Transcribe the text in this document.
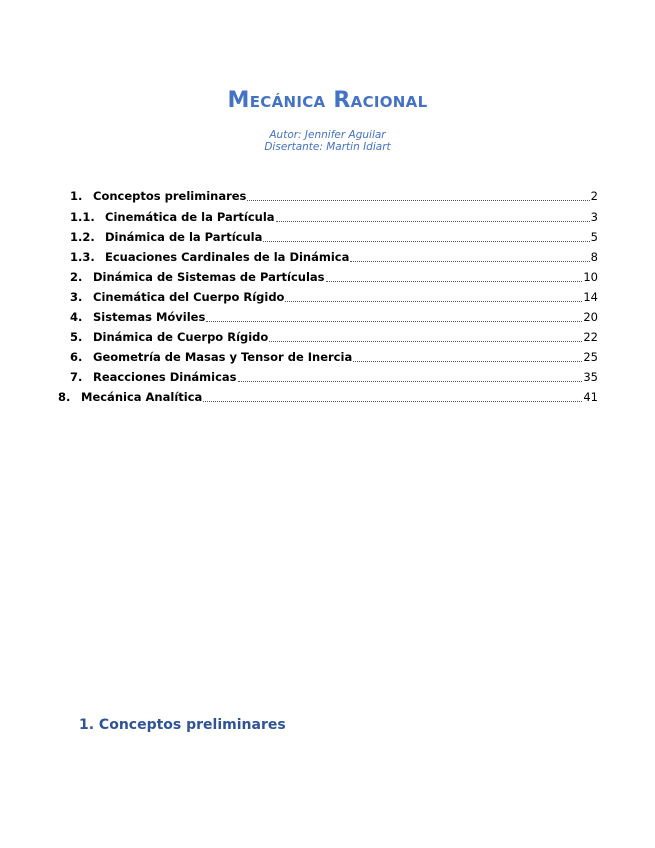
Mecánica Racional
Autor: Jennifer Aguilar
Disertante: Martin Idiart
1. Conceptos preliminares	2
1.1. Cinemática de la Partícula	3
1.2. Dinámica de la Partícula	5
1.3. Ecuaciones Cardinales de la Dinámica	8
2. Dinámica de Sistemas de Partículas	10
3. Cinemática del Cuerpo Rígido	14
4. Sistemas Móviles	20
5. Dinámica de Cuerpo Rígido	22
6. Geometría de Masas y Tensor de Inercia	25
7. Reacciones Dinámicas	35
8. Mecánica Analítica	41
1. Conceptos preliminares
